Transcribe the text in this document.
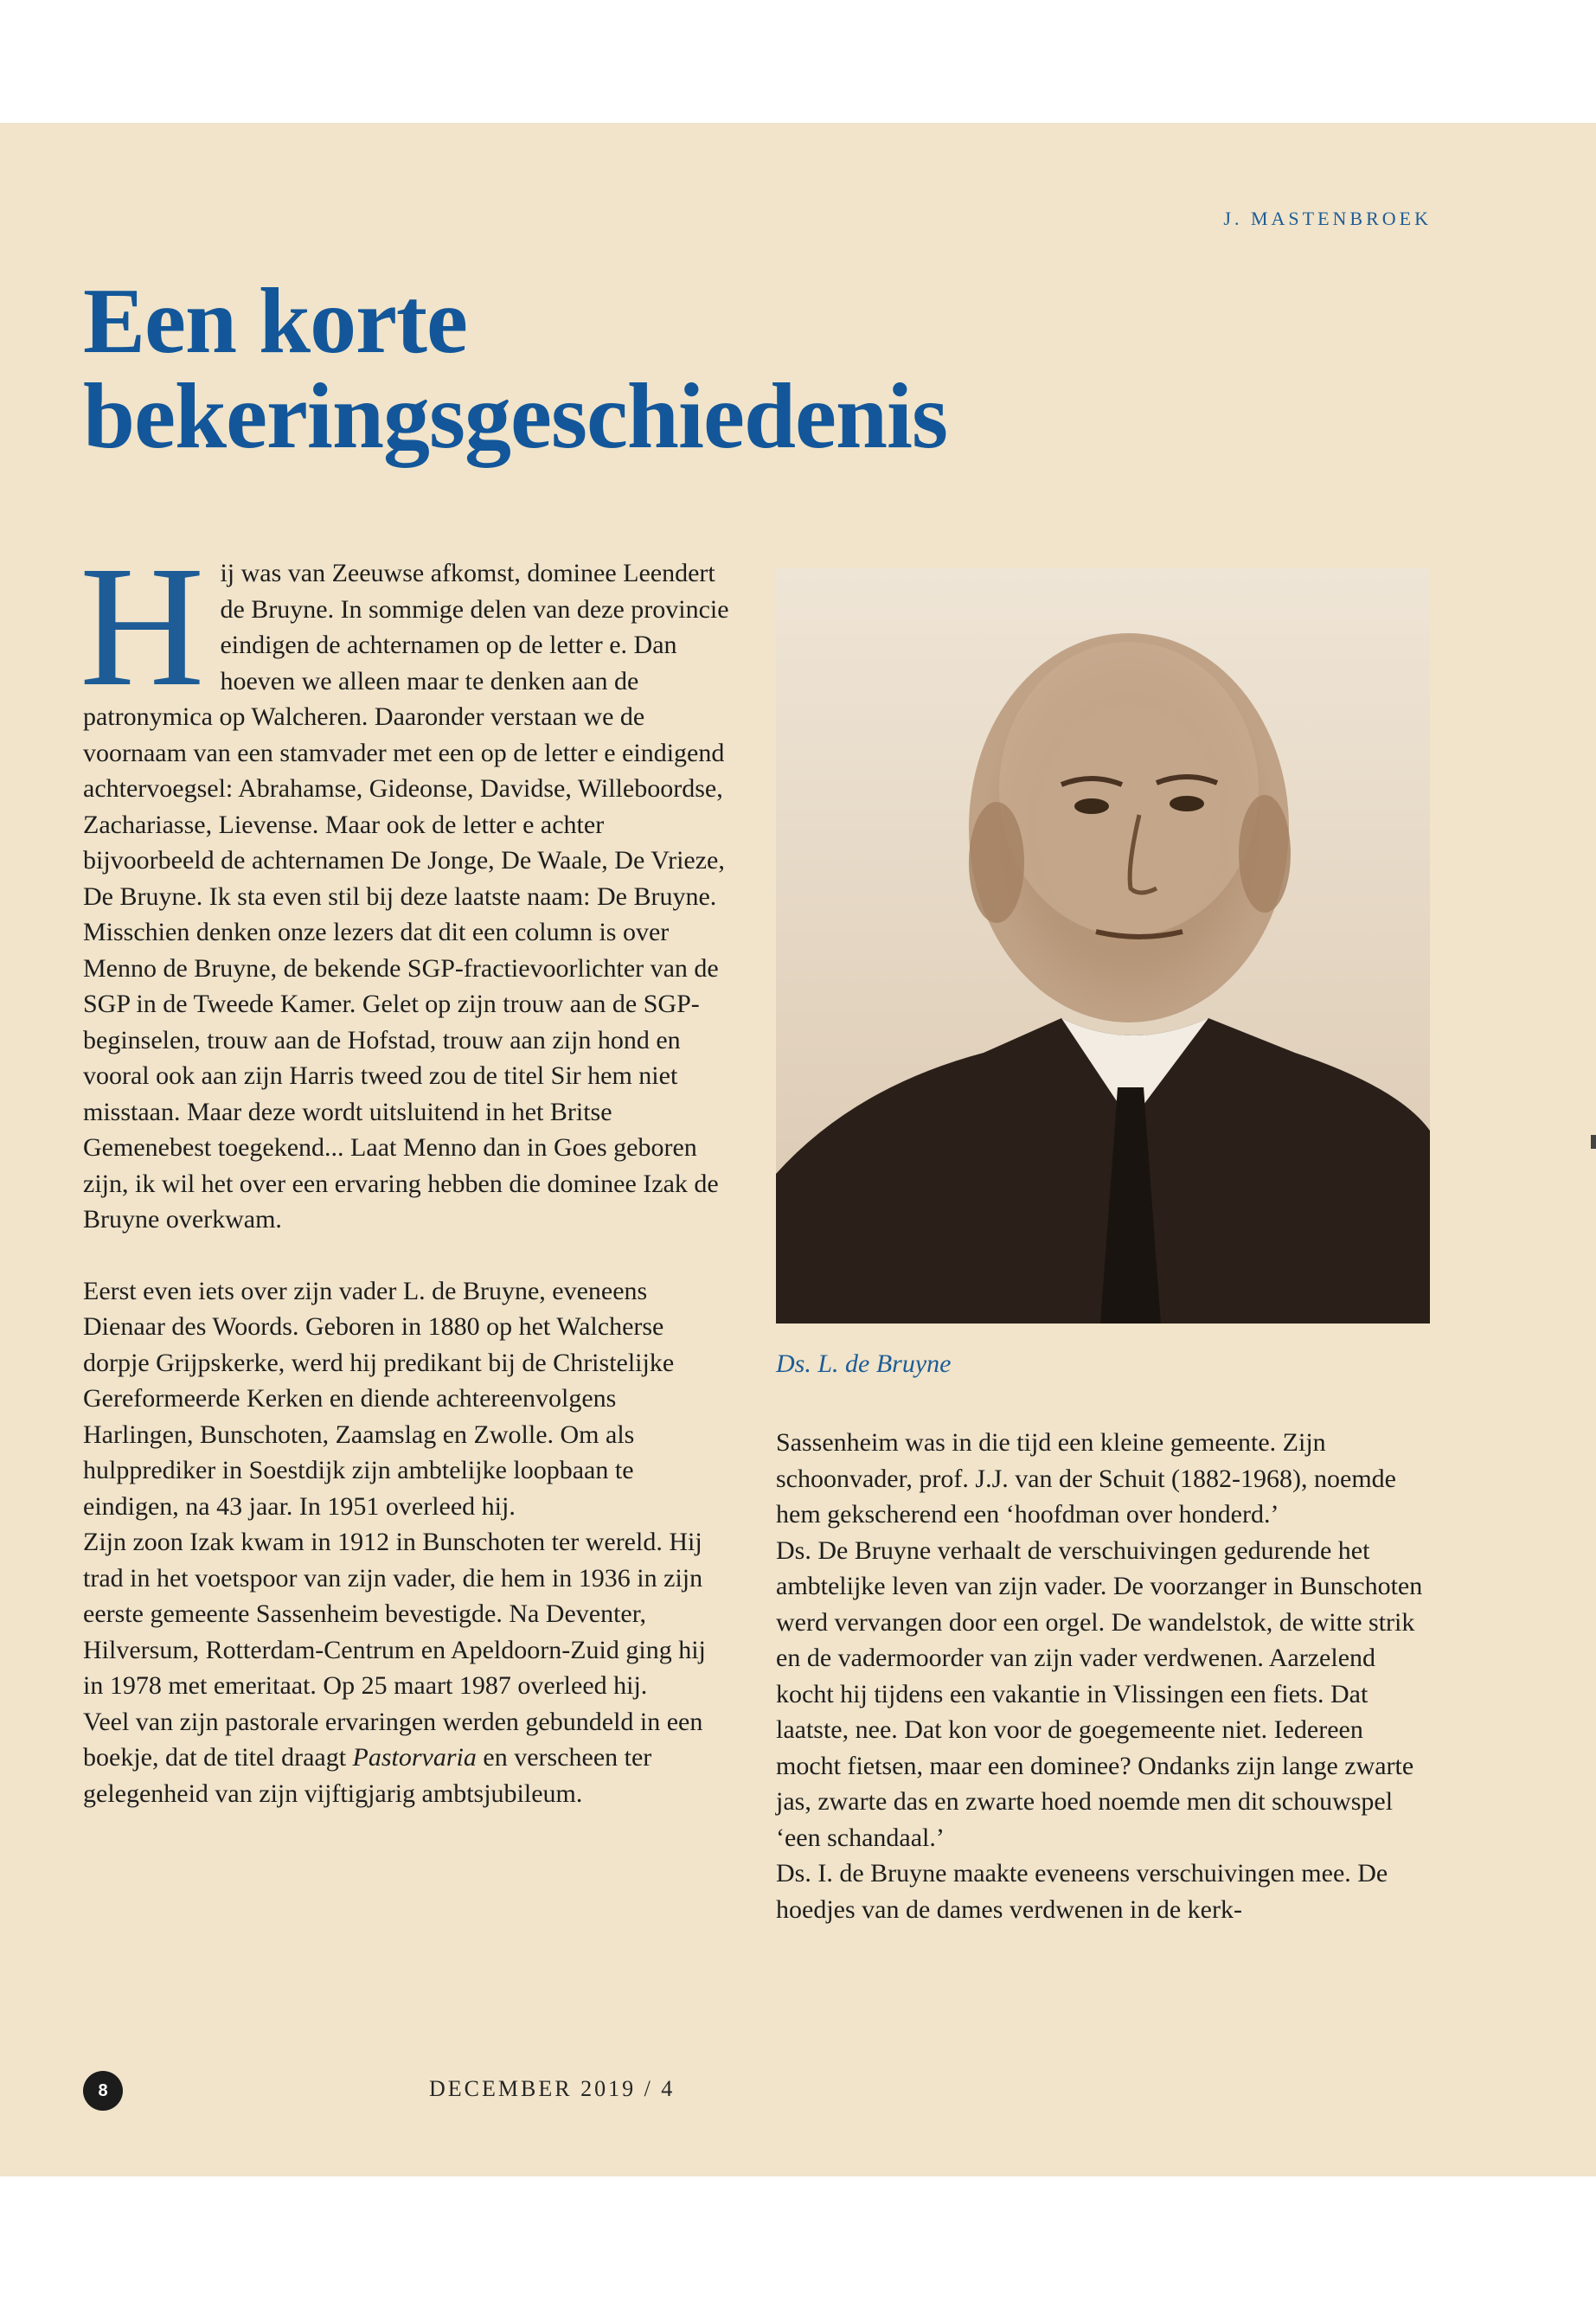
J. MASTENBROEK
Een korte
bekeringsgeschiedenis

Hij was van Zeeuwse afkomst, dominee Leendert de Bruyne. In sommige delen van deze provincie eindigen de achternamen op de letter e. Dan hoeven we alleen maar te denken aan de patronymica op Walcheren. Daaronder verstaan we de voornaam van een stamvader met een op de letter e eindigend achtervoegsel: Abrahamse, Gideonse, Davidse, Willeboordse, Zachariasse, Lievense. Maar ook de letter e achter bijvoorbeeld de achternamen De Jonge, De Waale, De Vrieze, De Bruyne. Ik sta even stil bij deze laatste naam: De Bruyne. Misschien denken onze lezers dat dit een column is over Menno de Bruyne, de bekende SGP-fractievoorlichter van de SGP in de Tweede Kamer. Gelet op zijn trouw aan de SGP-beginselen, trouw aan de Hofstad, trouw aan zijn hond en vooral ook aan zijn Harris tweed zou de titel Sir hem niet misstaan. Maar deze wordt uitsluitend in het Britse Gemenebest toegekend... Laat Menno dan in Goes geboren zijn, ik wil het over een ervaring hebben die dominee Izak de Bruyne overkwam.

Eerst even iets over zijn vader L. de Bruyne, eveneens Dienaar des Woords. Geboren in 1880 op het Walcherse dorpje Grijpskerke, werd hij predikant bij de Christelijke Gereformeerde Kerken en diende achtereenvolgens Harlingen, Bunschoten, Zaamslag en Zwolle. Om als hulpprediker in Soestdijk zijn ambtelijke loopbaan te eindigen, na 43 jaar. In 1951 overleed hij.

Zijn zoon Izak kwam in 1912 in Bunschoten ter wereld. Hij trad in het voetspoor van zijn vader, die hem in 1936 in zijn eerste gemeente Sassenheim bevestigde. Na Deventer, Hilversum, Rotterdam-Centrum en Apeldoorn-Zuid ging hij in 1978 met emeritaat. Op 25 maart 1987 overleed hij.

Veel van zijn pastorale ervaringen werden gebundeld in een boekje, dat de titel draagt Pastorvaria en verscheen ter gelegenheid van zijn vijftigjarig ambtsjubileum.

Ds. L. de Bruyne

Sassenheim was in die tijd een kleine gemeente. Zijn schoonvader, prof. J.J. van der Schuit (1882-1968), noemde hem gekscherend een ‘hoofdman over honderd.’

Ds. De Bruyne verhaalt de verschuivingen gedurende het ambtelijke leven van zijn vader. De voorzanger in Bunschoten werd vervangen door een orgel. De wandelstok, de witte strik en de vadermoorder van zijn vader verdwenen. Aarzelend kocht hij tijdens een vakantie in Vlissingen een fiets. Dat laatste, nee. Dat kon voor de goegemeente niet. Iedereen mocht fietsen, maar een dominee? Ondanks zijn lange zwarte jas, zwarte das en zwarte hoed noemde men dit schouwspel ‘een schandaal.’

Ds. I. de Bruyne maakte eveneens verschuivingen mee. De hoedjes van de dames verdwenen in de kerk-

8	DECEMBER 2019 / 4
